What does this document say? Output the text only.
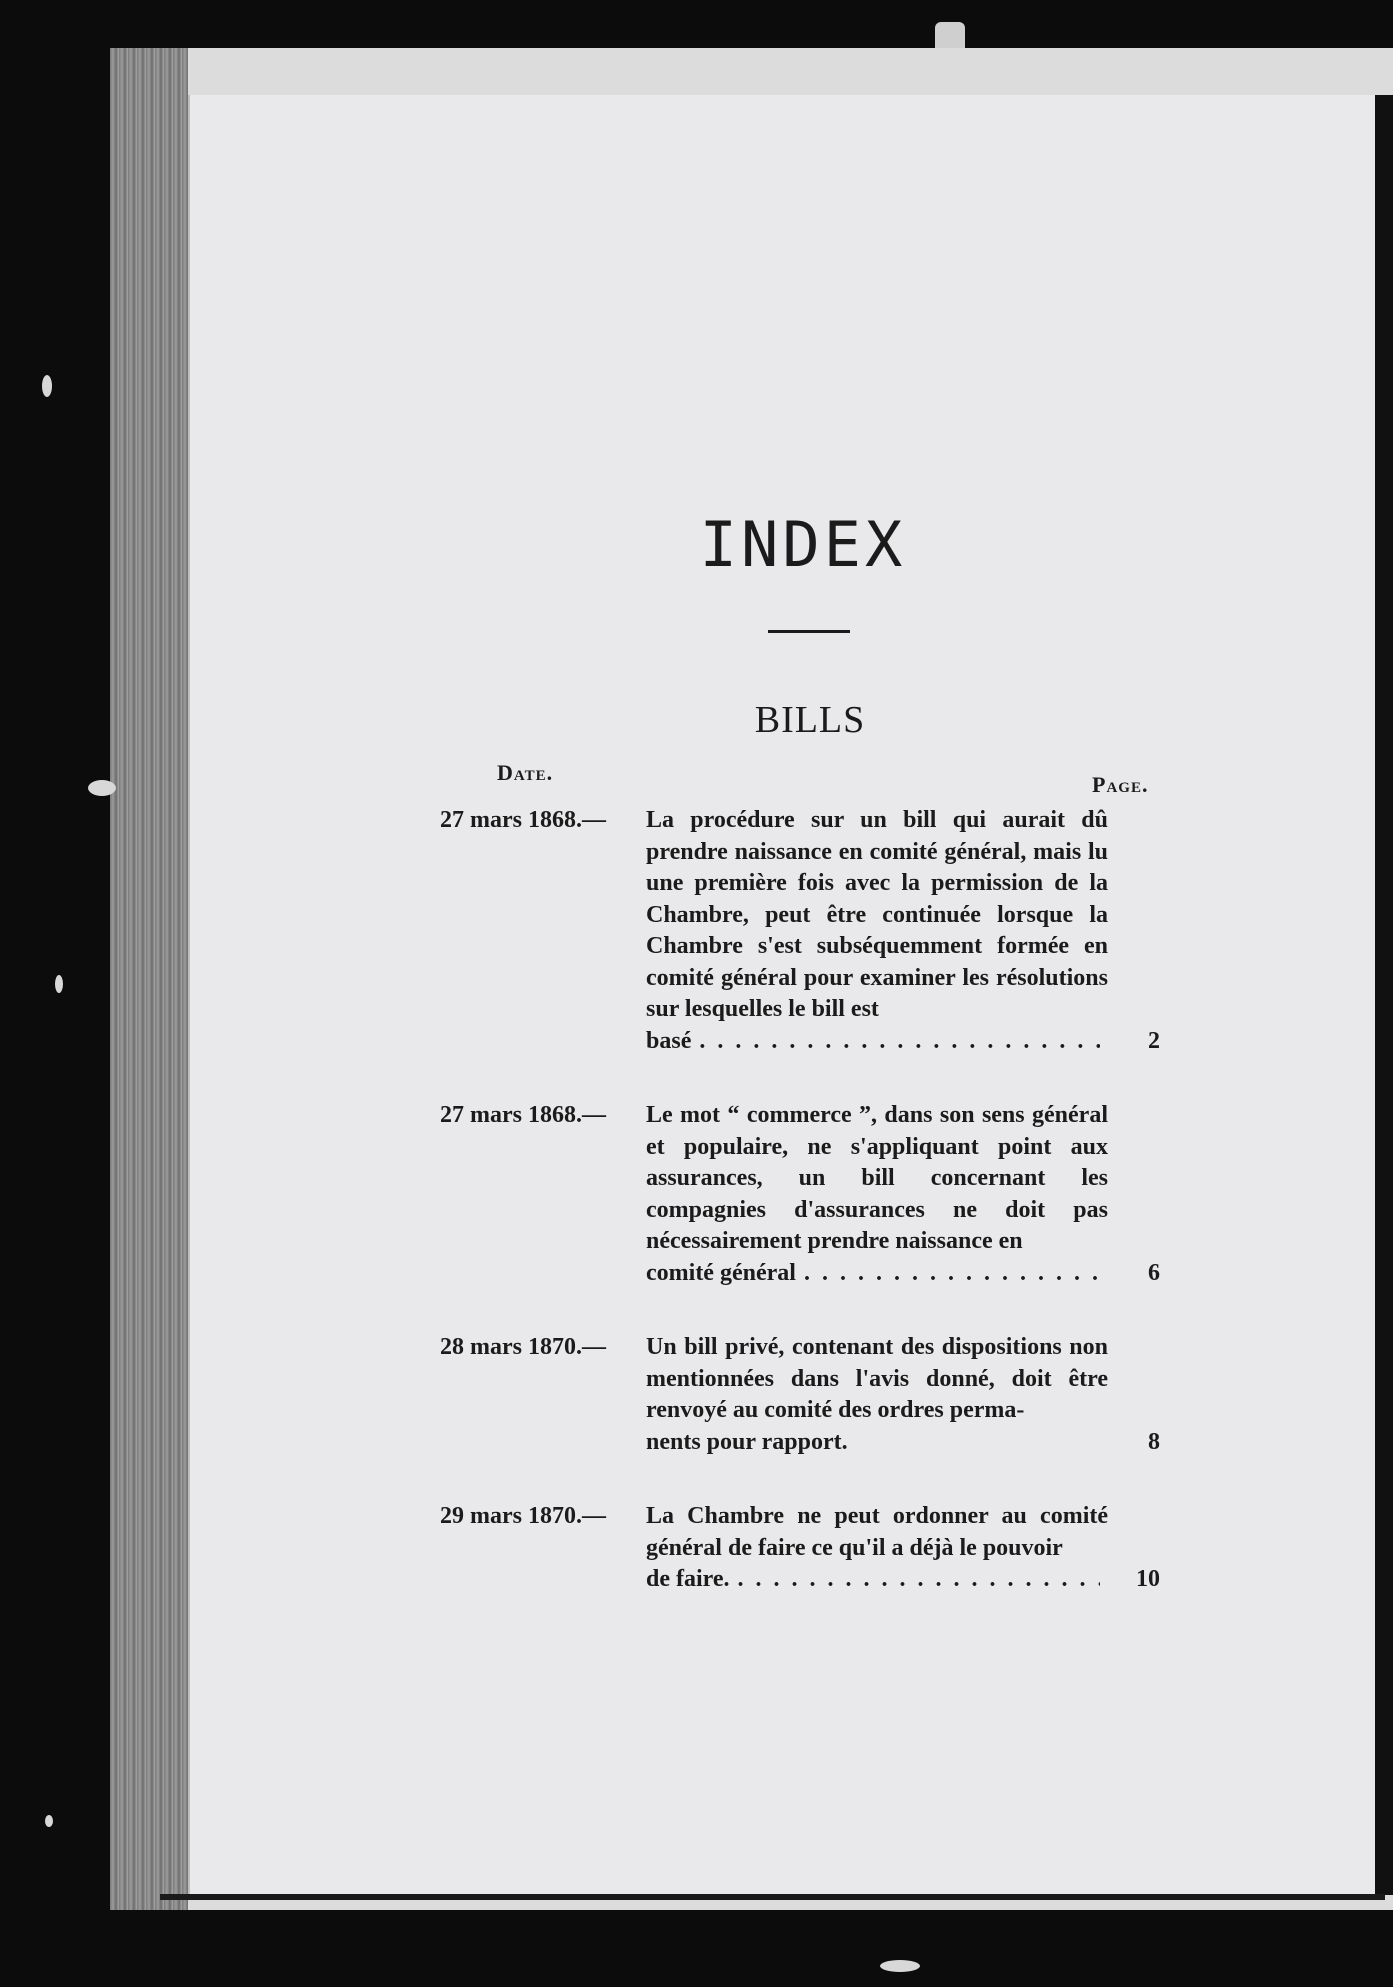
INDEX
BILLS
Date.	Page.
27 mars 1868.—	La procédure sur un bill qui aurait dû prendre naissance en comité général, mais lu une première fois avec la permission de la Chambre, peut être continuée lorsque la Chambre s'est subséquemment formée en comité général pour examiner les résolutions sur lesquelles le bill est
basé . . .	2
27 mars 1868.—	Le mot “ commerce ”, dans son sens général et populaire, ne s'appliquant point aux assurances, un bill concernant les compagnies d'assurances ne doit pas nécessairement prendre naissance en
comité général . . .	6
28 mars 1870.—	Un bill privé, contenant des dispositions non mentionnées dans l'avis donné, doit être renvoyé au comité des ordres perma-
nents pour rapport.	8
29 mars 1870.—	La Chambre ne peut ordonner au comité général de faire ce qu'il a déjà le pouvoir
de faire. . . .	10
